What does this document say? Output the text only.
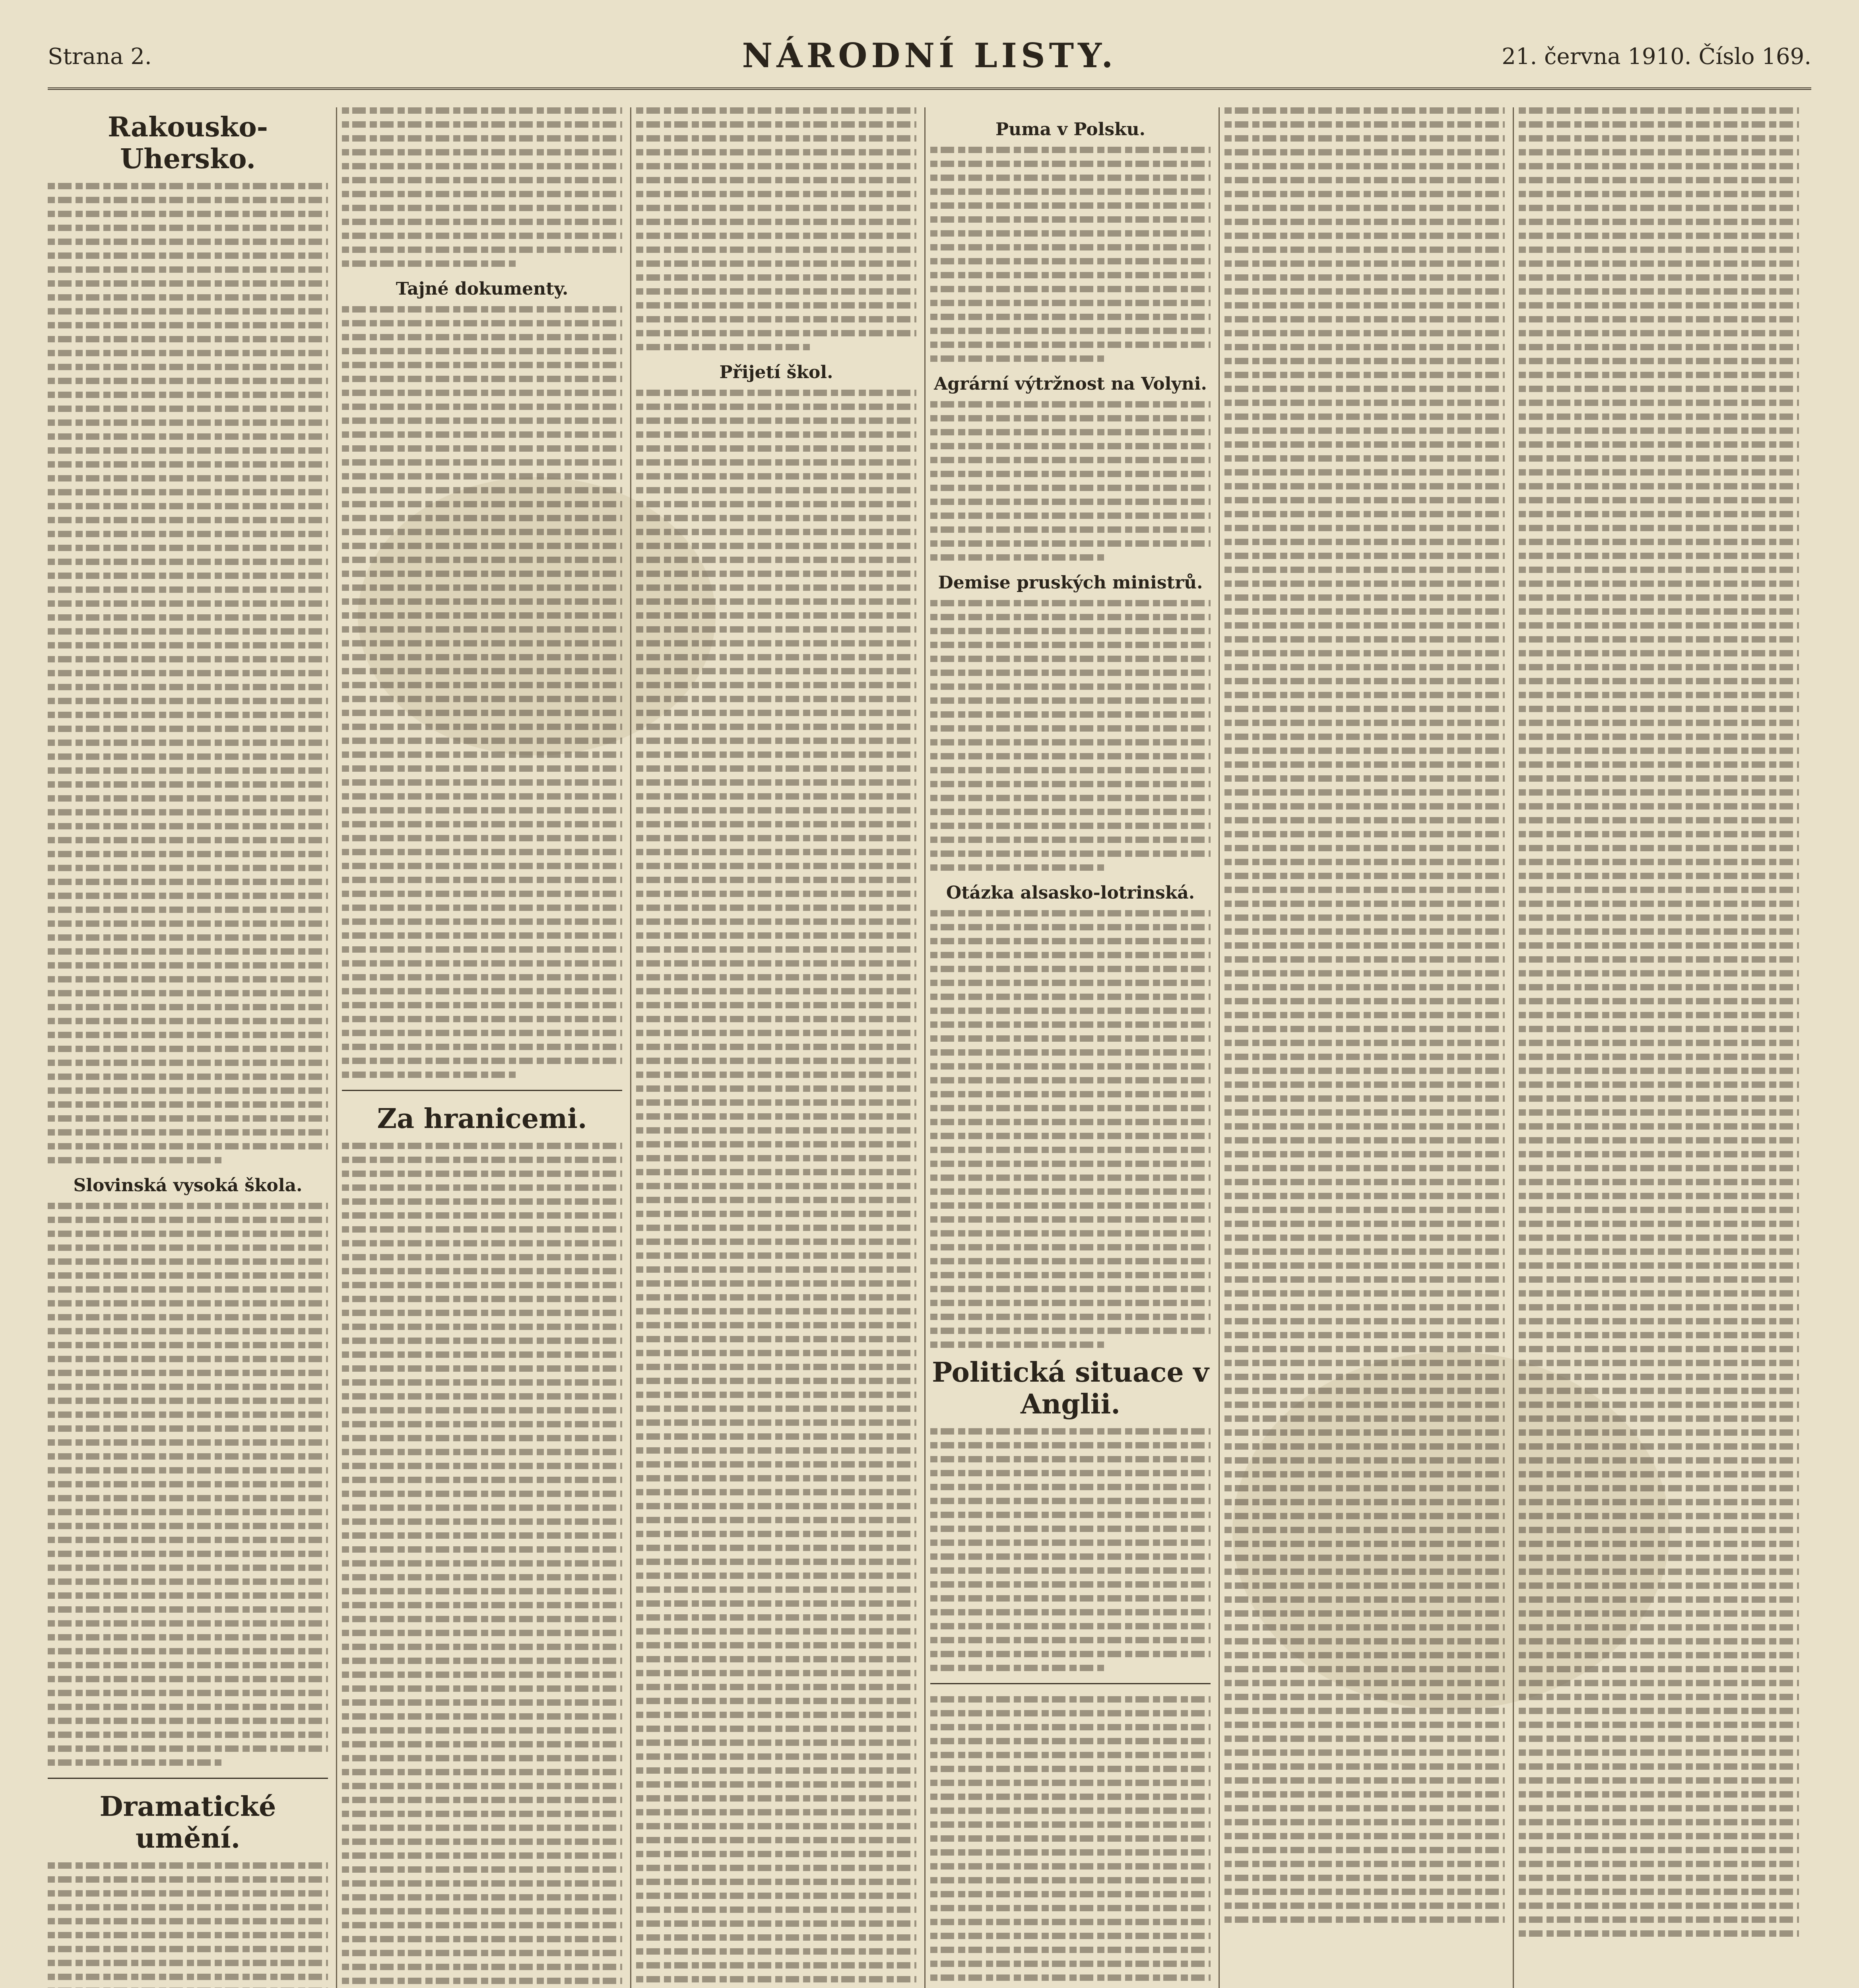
Strana 2.	NÁRODNÍ LISTY.	21. června 1910. Číslo 169.
Rakousko-Uhersko.
Slovinská vysoká škola.
Dramatické umění.
Tajné dokumenty.
Za hranicemi.
Přijetí škol.
Puma v Polsku.
Agrární výtržnost na Volyni.
Demise pruských ministrů.
Otázka alsasko-lotrinská.
Politická situace v Anglii.
